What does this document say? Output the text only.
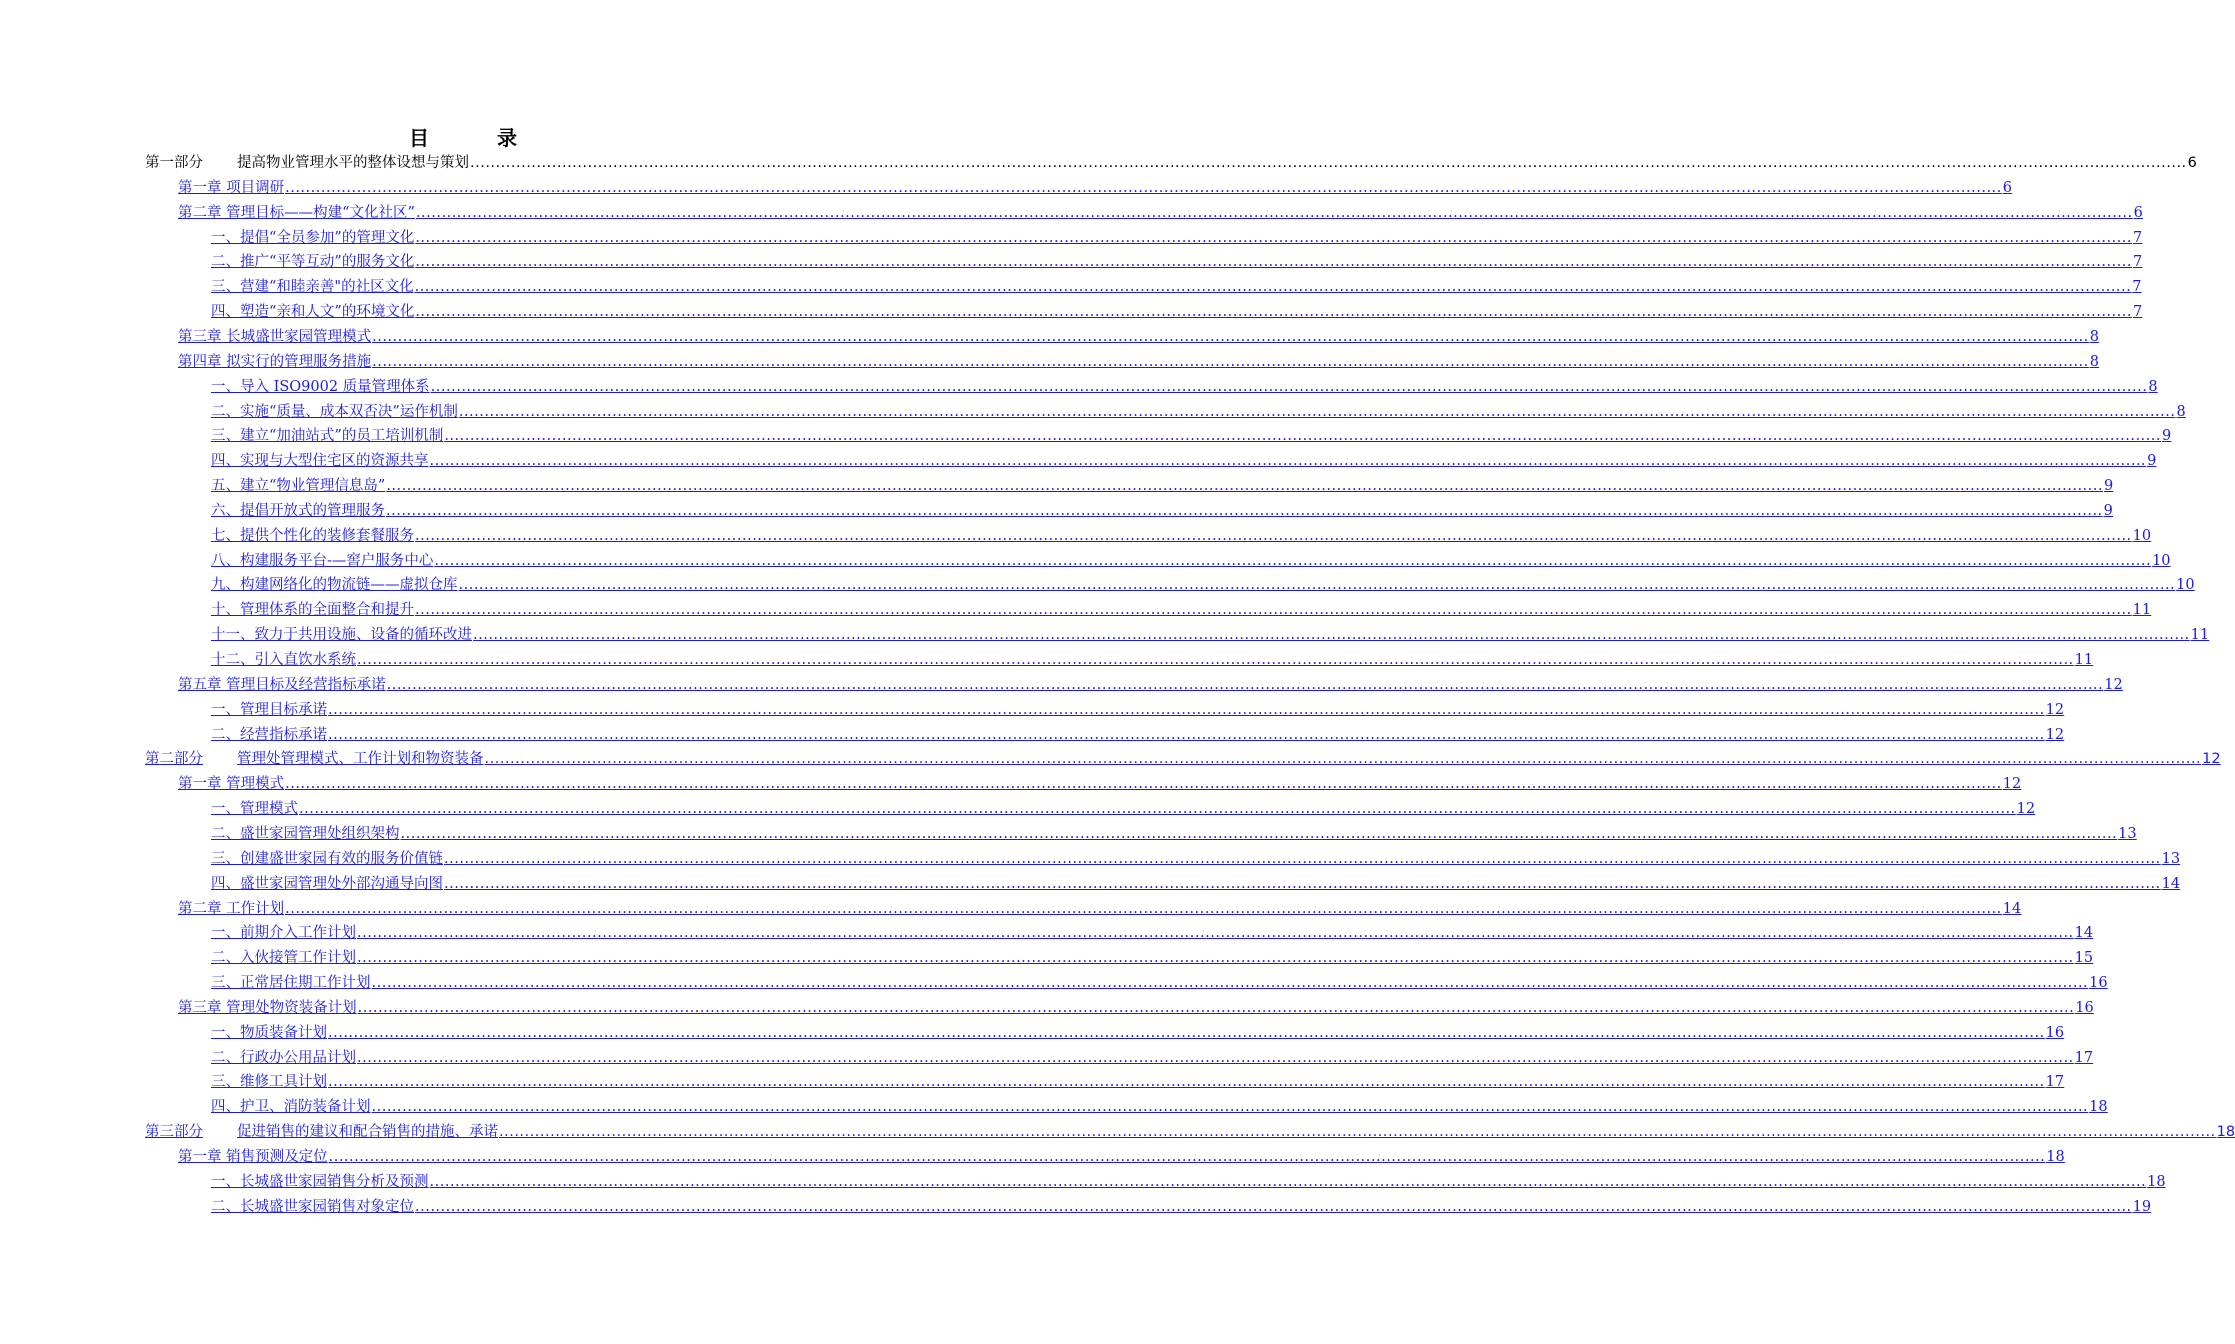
目　录
第一部分 提高物业管理水平的整体设想与策划 ................................................................................................................................................................................................................................................................................................................................................ 6
第一章 项目调研 ................................................................................................................................................................................................................................................................................................................................................ 6
第二章 管理目标——构建“文化社区” ................................................................................................................................................................................................................................................................................................................................................ 6
一、提倡“全员参加”的管理文化 ................................................................................................................................................................................................................................................................................................................................................ 7
二、推广“平等互动”的服务文化 ................................................................................................................................................................................................................................................................................................................................................ 7
三、营建“和睦亲善"的社区文化 ................................................................................................................................................................................................................................................................................................................................................ 7
四、塑造“亲和人文”的环境文化 ................................................................................................................................................................................................................................................................................................................................................ 7
第三章 长城盛世家园管理模式 ................................................................................................................................................................................................................................................................................................................................................ 8
第四章 拟实行的管理服务措施 ................................................................................................................................................................................................................................................................................................................................................ 8
一、导入 ISO9002 质量管理体系 ................................................................................................................................................................................................................................................................................................................................................ 8
二、实施“质量、成本双否决”运作机制 ................................................................................................................................................................................................................................................................................................................................................ 8
三、建立“加油站式”的员工培训机制 ................................................................................................................................................................................................................................................................................................................................................ 9
四、实现与大型住宅区的资源共享 ................................................................................................................................................................................................................................................................................................................................................ 9
五、建立“物业管理信息岛” ................................................................................................................................................................................................................................................................................................................................................ 9
六、提倡开放式的管理服务 ................................................................................................................................................................................................................................................................................................................................................ 9
七、提供个性化的装修套餐服务 ................................................................................................................................................................................................................................................................................................................................................ 10
八、构建服务平台-—窖户服务中心 ................................................................................................................................................................................................................................................................................................................................................ 10
九、构建网络化的物流链——虚拟仓库 ................................................................................................................................................................................................................................................................................................................................................ 10
十、管理体系的全面整合和提升 ................................................................................................................................................................................................................................................................................................................................................ 11
十一、致力于共用设施、设备的循环改进 ................................................................................................................................................................................................................................................................................................................................................ 11
十二、引入直饮水系统 ................................................................................................................................................................................................................................................................................................................................................ 11
第五章 管理目标及经营指标承诺 ................................................................................................................................................................................................................................................................................................................................................ 12
一、管理目标承诺 ................................................................................................................................................................................................................................................................................................................................................ 12
二、经营指标承诺 ................................................................................................................................................................................................................................................................................................................................................ 12
第二部分 管理处管理模式、工作计划和物资装备 ................................................................................................................................................................................................................................................................................................................................................ 12
第一章 管理模式 ................................................................................................................................................................................................................................................................................................................................................ 12
一、管理模式 ................................................................................................................................................................................................................................................................................................................................................ 12
二、盛世家园管理处组织架构 ................................................................................................................................................................................................................................................................................................................................................ 13
三、创建盛世家园有效的服务价值链 ................................................................................................................................................................................................................................................................................................................................................ 13
四、盛世家园管理处外部沟通导向图 ................................................................................................................................................................................................................................................................................................................................................ 14
第二章 工作计划 ................................................................................................................................................................................................................................................................................................................................................ 14
一、前期介入工作计划 ................................................................................................................................................................................................................................................................................................................................................ 14
二、入伙接管工作计划 ................................................................................................................................................................................................................................................................................................................................................ 15
三、正常居住期工作计划 ................................................................................................................................................................................................................................................................................................................................................ 16
第三章 管理处物资装备计划 ................................................................................................................................................................................................................................................................................................................................................ 16
一、物质装备计划 ................................................................................................................................................................................................................................................................................................................................................ 16
二、行政办公用品计划 ................................................................................................................................................................................................................................................................................................................................................ 17
三、维修工具计划 ................................................................................................................................................................................................................................................................................................................................................ 17
四、护卫、消防装备计划 ................................................................................................................................................................................................................................................................................................................................................ 18
第三部分 促进销售的建议和配合销售的措施、承诺 ................................................................................................................................................................................................................................................................................................................................................ 18
第一章 销售预测及定位 ................................................................................................................................................................................................................................................................................................................................................ 18
一、长城盛世家园销售分析及预测 ................................................................................................................................................................................................................................................................................................................................................ 18
二、长城盛世家园销售对象定位 ................................................................................................................................................................................................................................................................................................................................................ 19
